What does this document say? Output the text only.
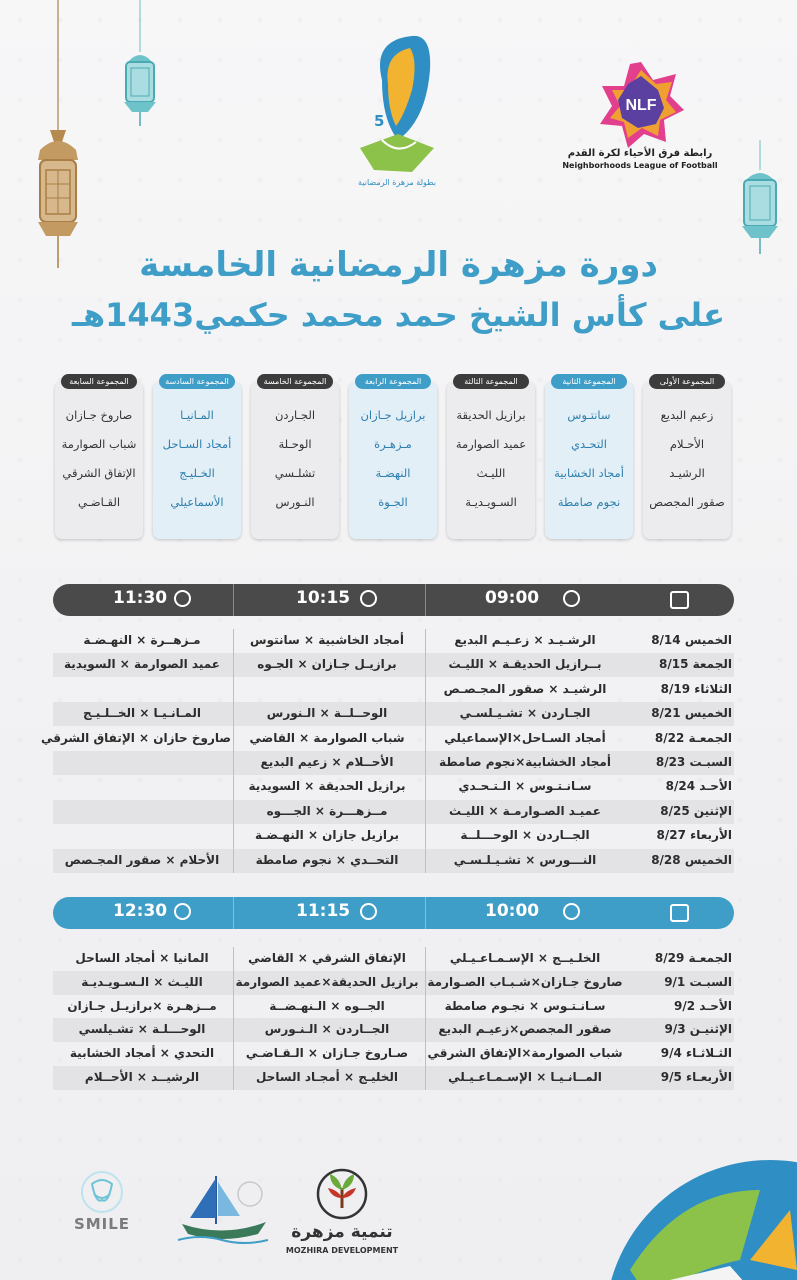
5
بطولة مزهرة الرمضانية
NLF
رابطة فرق الأحياء لكرة القدم
Neighborhoods League of Football
دورة مزهرة الرمضانية الخامسة
على كأس الشيخ حمد محمد حكمي1443هـ
المجموعة الأولى
زعيم البديع
الأحـلام
الرشيـد
صقور المجصص
المجموعة الثانية
سانتـوس
التحـدي
أمجاد الخشابية
نجوم صامطة
المجموعة الثالثة
برازيل الحديقة
عميد الصوارمة
الليـث
السـويـديـة
المجموعة الرابعة
برازيل جـازان
مـزهـرة
النهضـة
الجـوة
المجموعة الخامسة
الجـاردن
الوحـلة
تشلـسي
النـورس
المجموعة السادسة
المـانيـا
أمجاد السـاحل
الخـليـج
الأسماعيلي
المجموعة السابعة
صاروخ جـازان
شباب الصوارمة
الإتفاق الشرقي
القـاضـي
09:00
10:15
11:30
الخميس 8/14
الرشـيـد × زعـيـم البديع
أمجاد الخاشبية × سانتوس
مـزهــرة × النهـضـة
الجمعة 8/15
بــرازيل الحديقـة × الليـث
برازيـل جـازان × الجـوه
عميد الصوارمة × السويدية
الثلاثاء 8/19
الرشيـد × صقور المجـصـص
الخميس 8/21
الجـاردن × تشـيـلسـي
الوحــلــة × الـنورس
المـانـيـا × الخــلـيـج
الجمعـة 8/22
أمجاد السـاحل×الإسماعيلي
شباب الصوارمة × القاضي
صاروخ حازان × الإتفاق الشرقي
السبـت 8/23
أمجاد الخشابية×نجوم صامطة
الأحــلام × زعيم البديع
الأحـد 8/24
سـانـتـوس × الـتـحـدي
برازيل الحديقة × السويدية
الإثنين 8/25
عميـد الصـوارمـة × الليـث
مــزهـــرة × الجـــوه
الأربعاء 8/27
الجــاردن × الوحـــلــة
برازيل جازان × النهـضـة
الخميس 8/28
النـــورس × تشـيـلـسـي
التحــدي × نجوم صامطة
الأحلام × صقور المجـصص
10:00
11:15
12:30
الجمعـة 8/29
الخلـيــج × الإسـمـاعـيـلي
الإتفاق الشرقي × القاضي
المانيا × أمجاد الساحل
السبـت 9/1
صاروخ جـازان×شـبـاب الصـوارمة
برازيل الحديقة×عميد الصوارمة
الليـث × الـسـويـديـة
الأحـد 9/2
سـانـتـوس × نجـوم صامطة
الجــوه × الـنهـضــة
مــزهـرة ×برازيـل جـازان
الإثنيـن 9/3
صقور المجصص×زعيـم البديع
الجــاردن × الـنـورس
الوحـــلـة × تشـيلسي
الثـلاثـاء 9/4
شباب الصوارمة×الإتفاق الشرقي
صـاروخ جـازان × الـقـاضـي
التحدي × أمجاد الخشابية
الأربعـاء 9/5
المــانـيـا × الإسـمـاعـيـلي
الخليـج × أمجـاد الساحل
الرشيــد × الأحــلام
تنمية مزهرة
MOZHIRA DEVELOPMENT
SMILE
